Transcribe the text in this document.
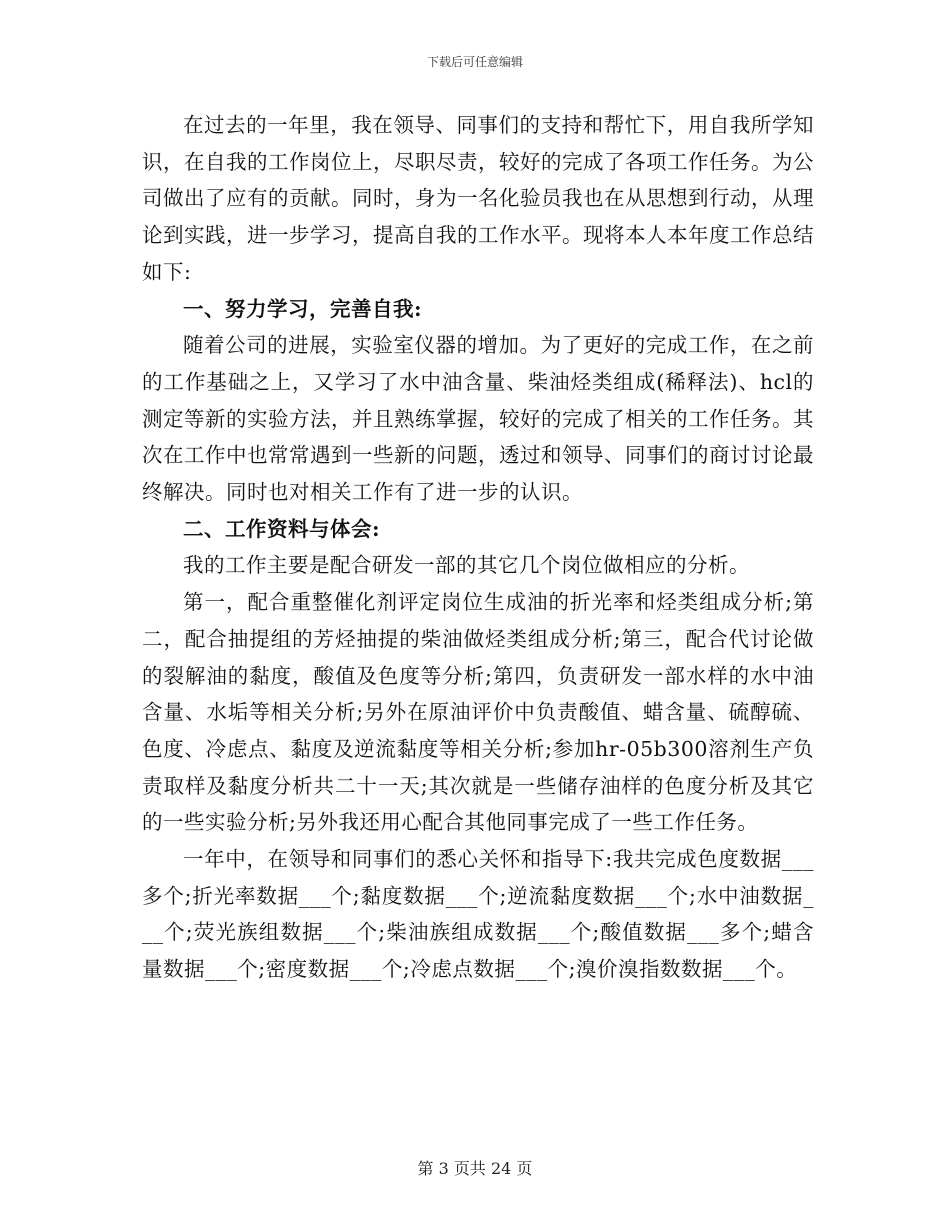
下载后可任意编辑

在过去的一年里，我在领导、同事们的支持和帮忙下，用自我所学知识，在自我的工作岗位上，尽职尽责，较好的完成了各项工作任务。为公司做出了应有的贡献。同时，身为一名化验员我也在从思想到行动，从理论到实践，进一步学习，提高自我的工作水平。现将本人本年度工作总结如下:

一、努力学习，完善自我:

随着公司的进展，实验室仪器的增加。为了更好的完成工作，在之前的工作基础之上，又学习了水中油含量、柴油烃类组成(稀释法)、hcl的测定等新的实验方法，并且熟练掌握，较好的完成了相关的工作任务。其次在工作中也常常遇到一些新的问题，透过和领导、同事们的商讨讨论最终解决。同时也对相关工作有了进一步的认识。

二、工作资料与体会:

我的工作主要是配合研发一部的其它几个岗位做相应的分析。

第一，配合重整催化剂评定岗位生成油的折光率和烃类组成分析;第二，配合抽提组的芳烃抽提的柴油做烃类组成分析;第三，配合代讨论做的裂解油的黏度，酸值及色度等分析;第四，负责研发一部水样的水中油含量、水垢等相关分析;另外在原油评价中负责酸值、蜡含量、硫醇硫、色度、冷虑点、黏度及逆流黏度等相关分析;参加hr-05b300溶剂生产负责取样及黏度分析共二十一天;其次就是一些储存油样的色度分析及其它的一些实验分析;另外我还用心配合其他同事完成了一些工作任务。

一年中，在领导和同事们的悉心关怀和指导下:我共完成色度数据___多个;折光率数据___个;黏度数据___个;逆流黏度数据___个;水中油数据___个;荧光族组数据___个;柴油族组成数据___个;酸值数据___多个;蜡含量数据___个;密度数据___个;冷虑点数据___个;溴价溴指数数据___个。

第 3 页共 24 页
